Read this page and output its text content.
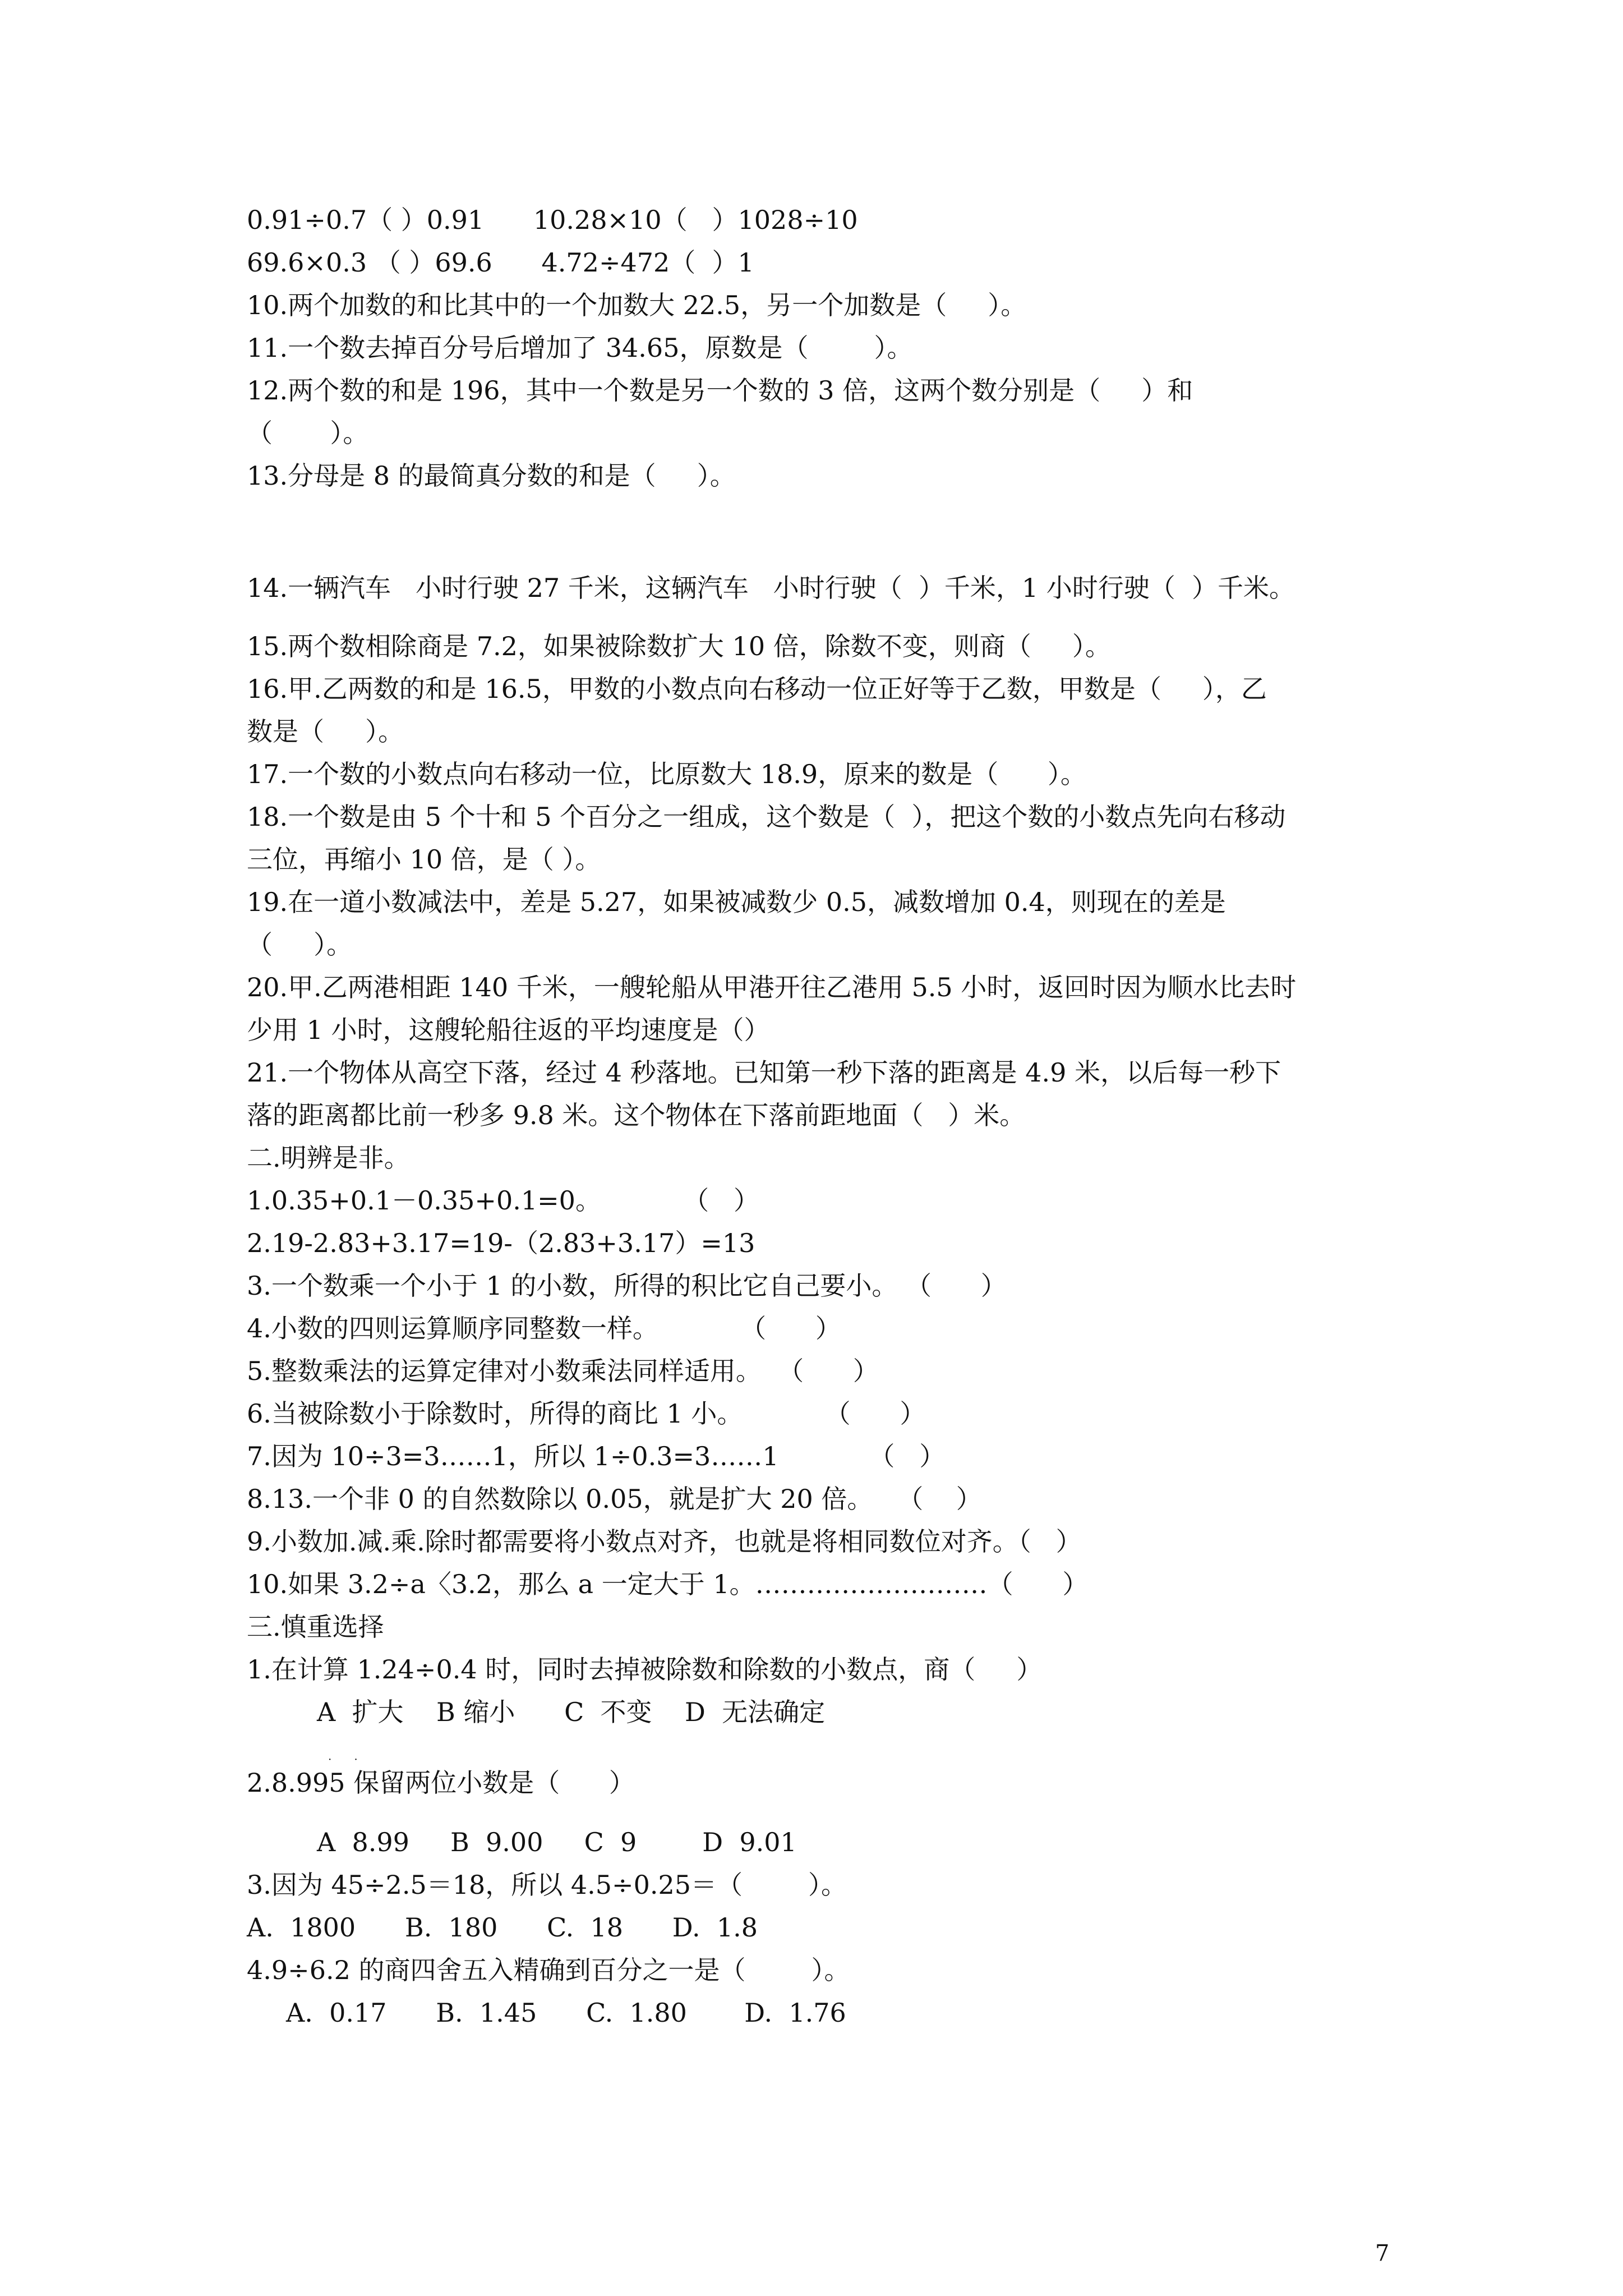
0.91÷0.7（ ）0.91      10.28×10（   ）1028÷10
69.6×0.3 （ ）69.6      4.72÷472（  ）1
10.两个加数的和比其中的一个加数大 22.5，另一个加数是（     ）。
11.一个数去掉百分号后增加了 34.65，原数是（        ）。
12.两个数的和是 196，其中一个数是另一个数的 3 倍，这两个数分别是（     ）和
（       ）。
13.分母是 8 的最简真分数的和是（     ）。
14.一辆汽车   小时行驶 27 千米，这辆汽车   小时行驶（  ）千米，1 小时行驶（  ）千米。
15.两个数相除商是 7.2，如果被除数扩大 10 倍，除数不变，则商（     ）。
16.甲.乙两数的和是 16.5，甲数的小数点向右移动一位正好等于乙数，甲数是（     ），乙
数是（     ）。
17.一个数的小数点向右移动一位，比原数大 18.9，原来的数是（      ）。
18.一个数是由 5 个十和 5 个百分之一组成，这个数是（  ），把这个数的小数点先向右移动
三位，再缩小 10 倍，是（ ）。
19.在一道小数减法中，差是 5.27，如果被减数少 0.5，减数增加 0.4，则现在的差是
（     ）。
20.甲.乙两港相距 140 千米，一艘轮船从甲港开往乙港用 5.5 小时，返回时因为顺水比去时
少用 1 小时，这艘轮船往返的平均速度是（）
21.一个物体从高空下落，经过 4 秒落地。已知第一秒下落的距离是 4.9 米，以后每一秒下
落的距离都比前一秒多 9.8 米。这个物体在下落前距地面（   ）米。
二.明辨是非。
1.0.35+0.1－0.35+0.1=0。          （   ）
2.19-2.83+3.17=19-（2.83+3.17）=13
3.一个数乘一个小于 1 的小数，所得的积比它自己要小。 （      ）
4.小数的四则运算顺序同整数一样。          （      ）
5.整数乘法的运算定律对小数乘法同样适用。  （      ）
6.当被除数小于除数时，所得的商比 1 小。          （      ）
7.因为 10÷3=3……1，所以 1÷0.3=3……1           （   ）
8.13.一个非 0 的自然数除以 0.05，就是扩大 20 倍。   （    ）
9.小数加.减.乘.除时都需要将小数点对齐，也就是将相同数位对齐。（   ）
10.如果 3.2÷a〈3.2，那么 a 一定大于 1。………………………（      ）
三.慎重选择
1.在计算 1.24÷0.4 时，同时去掉被除数和除数的小数点，商（     ）
A  扩大    B 缩小      C  不变    D  无法确定
··
2.8.995 保留两位小数是（      ）
A  8.99     B  9.00     C  9        D  9.01
3.因为 45÷2.5＝18，所以 4.5÷0.25＝（        ）。
A.  1800      B.  180      C.  18      D.  1.8
4.9÷6.2 的商四舍五入精确到百分之一是（        ）。
A.  0.17      B.  1.45      C.  1.80       D.  1.76
7
